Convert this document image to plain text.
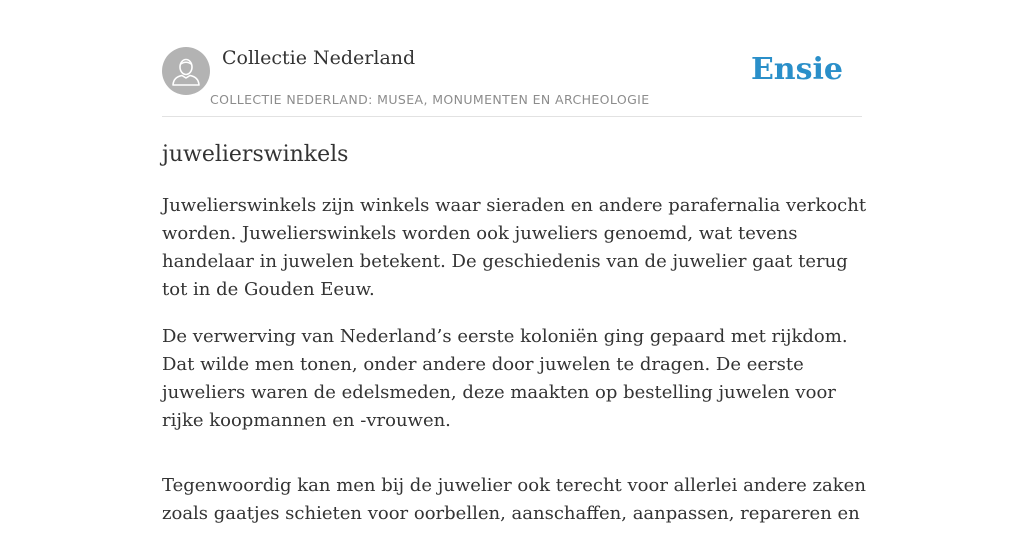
Collectie Nederland
COLLECTIE NEDERLAND: MUSEA, MONUMENTEN EN ARCHEOLOGIE
Ensie
juwelierswinkels

Juwelierswinkels zijn winkels waar sieraden en andere parafernalia verkocht worden. Juwelierswinkels worden ook juweliers genoemd, wat tevens handelaar in juwelen betekent. De geschiedenis van de juwelier gaat terug tot in de Gouden Eeuw.

De verwerving van Nederland’s eerste koloniën ging gepaard met rijkdom. Dat wilde men tonen, onder andere door juwelen te dragen. De eerste juweliers waren de edelsmeden, deze maakten op bestelling juwelen voor rijke koopmannen en -vrouwen.

Tegenwoordig kan men bij de juwelier ook terecht voor allerlei andere zaken zoals gaatjes schieten voor oorbellen, aanschaffen, aanpassen, repareren en
